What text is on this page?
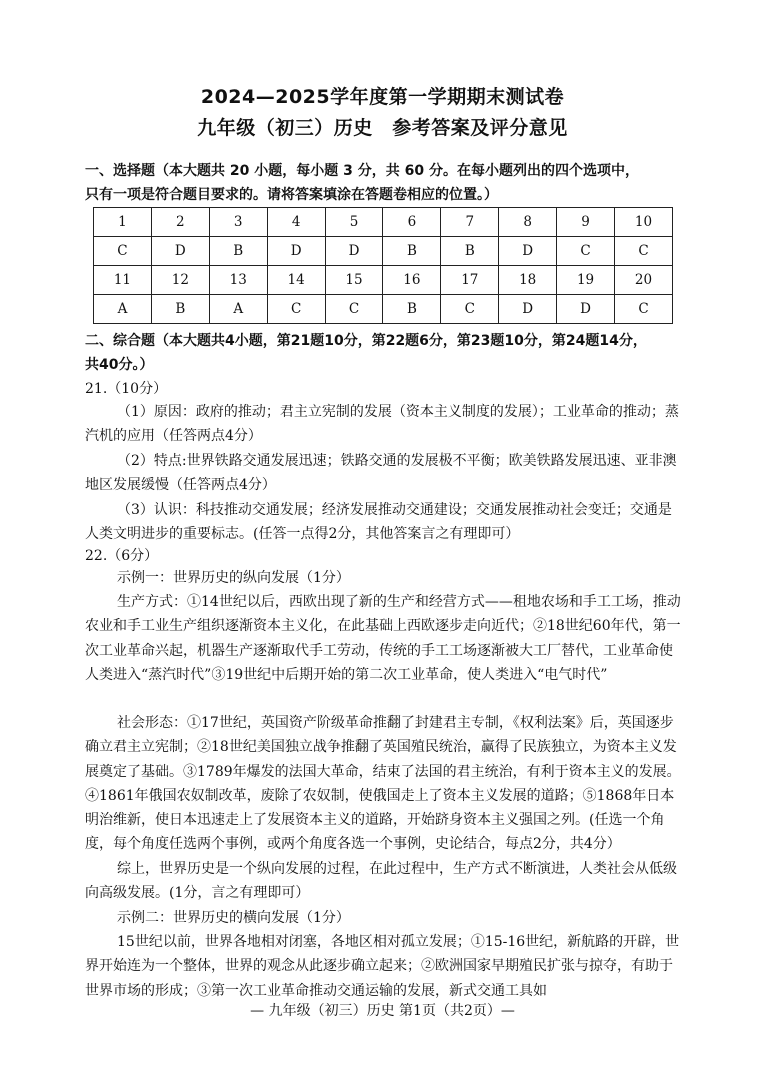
2024—2025学年度第一学期期末测试卷
九年级（初三）历史　参考答案及评分意见
一、选择题（本大题共 20 小题，每小题 3 分，共 60 分。在每小题列出的四个选项中，
只有一项是符合题目要求的。请将答案填涂在答题卷相应的位置。）
1	2	3	4	5	6	7	8	9	10
C	D	B	D	D	B	B	D	C	C
11	12	13	14	15	16	17	18	19	20
A	B	A	C	C	B	C	D	D	C
二、综合题（本大题共4小题，第21题10分，第22题6分，第23题10分，第24题14分，
共40分。）
21.（10分）
（1）原因：政府的推动；君主立宪制的发展（资本主义制度的发展）；工业革命的推动；蒸汽机的应用（任答两点4分）
（2）特点:世界铁路交通发展迅速；铁路交通的发展极不平衡；欧美铁路发展迅速、亚非澳地区发展缓慢（任答两点4分）
（3）认识：科技推动交通发展；经济发展推动交通建设；交通发展推动社会变迁；交通是人类文明进步的重要标志。(任答一点得2分，其他答案言之有理即可）
22.（6分）
示例一：世界历史的纵向发展（1分）
生产方式：①14世纪以后，西欧出现了新的生产和经营方式——租地农场和手工工场，推动农业和手工业生产组织逐渐资本主义化，在此基础上西欧逐步走向近代；②18世纪60年代，第一次工业革命兴起，机器生产逐渐取代手工劳动，传统的手工工场逐渐被大工厂替代，工业革命使人类进入“蒸汽时代”③19世纪中后期开始的第二次工业革命，使人类进入“电气时代”
社会形态：①17世纪，英国资产阶级革命推翻了封建君主专制，《权利法案》后，英国逐步确立君主立宪制；②18世纪美国独立战争推翻了英国殖民统治，赢得了民族独立，为资本主义发展奠定了基础。③1789年爆发的法国大革命，结束了法国的君主统治，有利于资本主义的发展。④1861年俄国农奴制改革，废除了农奴制，使俄国走上了资本主义发展的道路；⑤1868年日本明治维新，使日本迅速走上了发展资本主义的道路，开始跻身资本主义强国之列。(任选一个角度，每个角度任选两个事例，或两个角度各选一个事例，史论结合，每点2分，共4分）
综上，世界历史是一个纵向发展的过程，在此过程中，生产方式不断演进，人类社会从低级向高级发展。(1分，言之有理即可）
示例二：世界历史的横向发展（1分）
15世纪以前，世界各地相对闭塞，各地区相对孤立发展；①15-16世纪，新航路的开辟，世界开始连为一个整体，世界的观念从此逐步确立起来；②欧洲国家早期殖民扩张与掠夺，有助于世界市场的形成；③第一次工业革命推动交通运输的发展，新式交通工具如
— 九年级（初三）历史 第1页（共2页）—
